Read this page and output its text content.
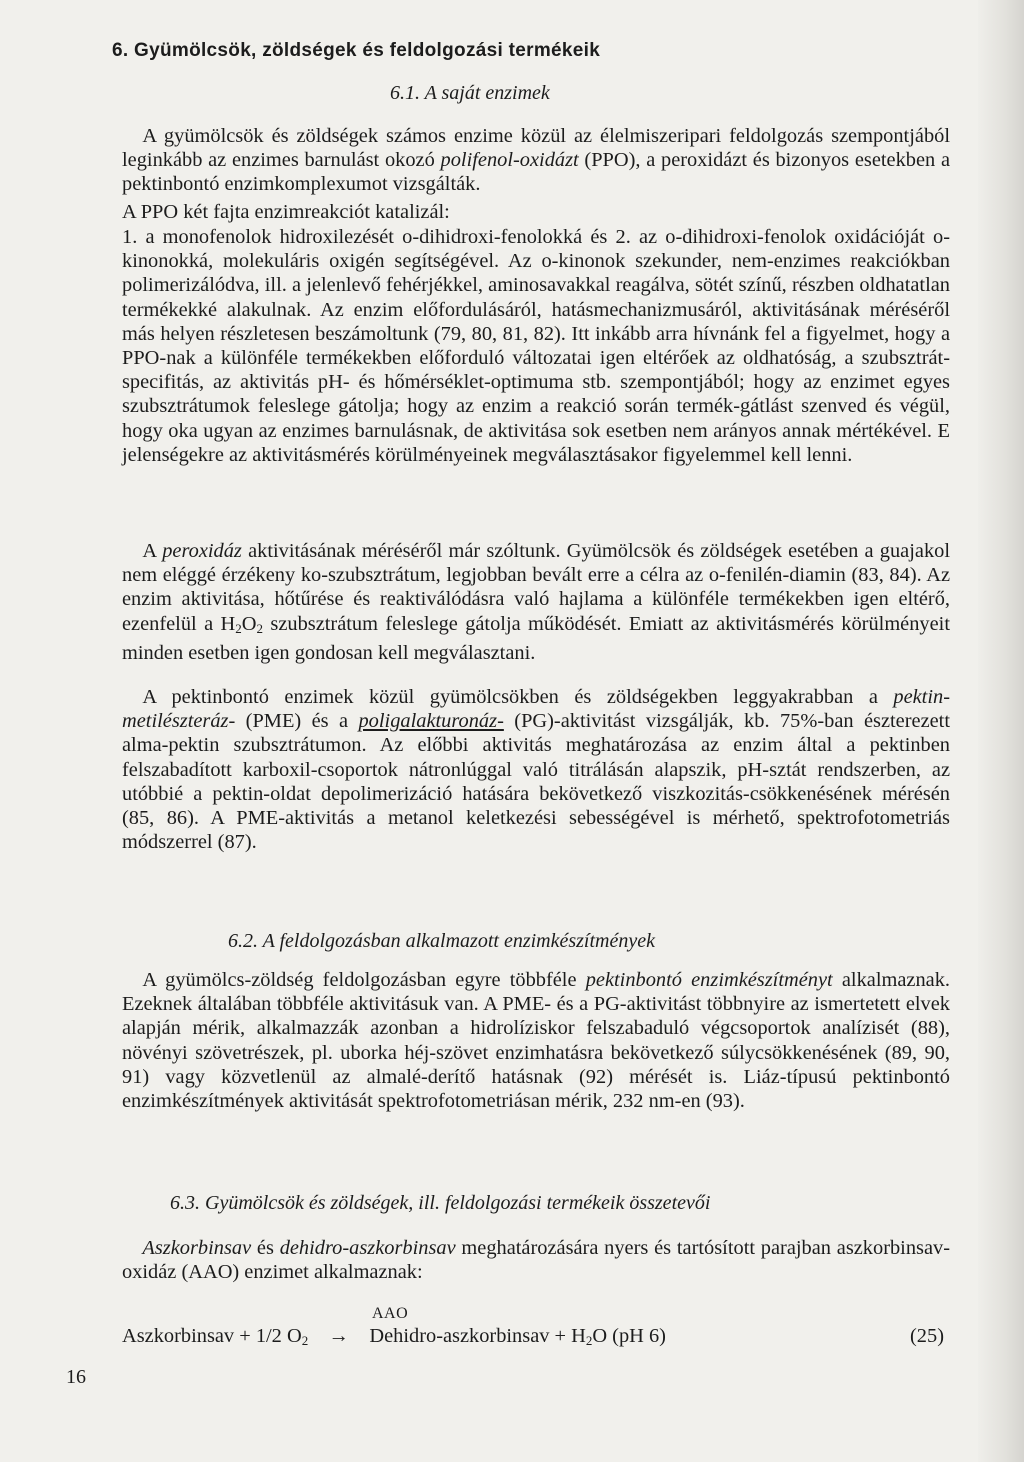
6. Gyümölcsök, zöldségek és feldolgozási termékeik
6.1. A saját enzimek

 A gyümölcsök és zöldségek számos enzime közül az élelmiszeripari feldolgozás szempontjából leginkább az enzimes barnulást okozó polifenol-oxidázt (PPO), a peroxidázt és bizonyos esetekben a pektinbontó enzimkomplexumot vizsgálták.

A PPO két fajta enzimreakciót katalizál:

1. a monofenolok hidroxilezését o-dihidroxi-fenolokká és 2. az o-dihidroxi-fenolok oxidációját o-kinonokká, molekuláris oxigén segítségével. Az o-kinonok szekunder, nem-enzimes reakciókban polimerizálódva, ill. a jelenlevő fehérjékkel, aminosavakkal reagálva, sötét színű, részben oldhatatlan termékekké alakulnak. Az enzim előfordulásáról, hatásmechanizmusáról, aktivitásának méréséről más helyen részletesen beszámoltunk (79, 80, 81, 82). Itt inkább arra hívnánk fel a figyelmet, hogy a PPO-nak a különféle termékekben előforduló változatai igen eltérőek az oldhatóság, a szubsztrát-specifitás, az aktivitás pH- és hőmérséklet-optimuma stb. szempontjából; hogy az enzimet egyes szubsztrátumok feleslege gátolja; hogy az enzim a reakció során termék-gátlást szenved és végül, hogy oka ugyan az enzimes barnulásnak, de aktivitása sok esetben nem arányos annak mértékével. E jelenségekre az aktivitásmérés körülményeinek megválasztásakor figyelemmel kell lenni.

 A peroxidáz aktivitásának méréséről már szóltunk. Gyümölcsök és zöldségek esetében a guajakol nem eléggé érzékeny ko-szubsztrátum, legjobban bevált erre a célra az o-fenilén-diamin (83, 84). Az enzim aktivitása, hőtűrése és reaktiválódásra való hajlama a különféle termékekben igen eltérő, ezenfelül a $H_2O_2$ szubsztrátum feleslege gátolja működését. Emiatt az aktivitásmérés körülményeit minden esetben igen gondosan kell megválasztani.

 A pektinbontó enzimek közül gyümölcsökben és zöldségekben leggyakrabban a pektin-metilészteráz- (PME) és a poligalakturonáz- (PG)-aktivitást vizsgálják, kb. 75%-ban észterezett alma-pektin szubsztrátumon. Az előbbi aktivitás meghatározása az enzim által a pektinben felszabadított karboxil-csoportok nátronlúggal való titrálásán alapszik, pH-sztát rendszerben, az utóbbié a pektin-oldat depolimerizáció hatására bekövetkező viszkozitás-csökkenésének mérésén (85, 86). A PME-aktivitás a metanol keletkezési sebességével is mérhető, spektrofotometriás módszerrel (87).

6.2. A feldolgozásban alkalmazott enzimkészítmények

 A gyümölcs-zöldség feldolgozásban egyre többféle pektinbontó enzimkészítményt alkalmaznak. Ezeknek általában többféle aktivitásuk van. A PME- és a PG-aktivitást többnyire az ismertetett elvek alapján mérik, alkalmazzák azonban a hidrolíziskor felszabaduló végcsoportok analízisét (88), növényi szövetrészek, pl. uborka héj-szövet enzimhatásra bekövetkező súlycsökkenésének (89, 90, 91) vagy közvetlenül az almalé-derítő hatásnak (92) mérését is. Liáz-típusú pektinbontó enzimkészítmények aktivitását spektrofotometriásan mérik, 232 nm-en (93).

6.3. Gyümölcsök és zöldségek, ill. feldolgozási termékeik összetevői

 Aszkorbinsav és dehidro-aszkorbinsav meghatározására nyers és tartósított parajban aszkorbinsav-oxidáz (AAO) enzimet alkalmaznak:

AAO
Aszkorbinsav + 1/2 $O_2$  →  Dehidro-aszkorbinsav + $H_2O$ (pH 6)	(25)
16
